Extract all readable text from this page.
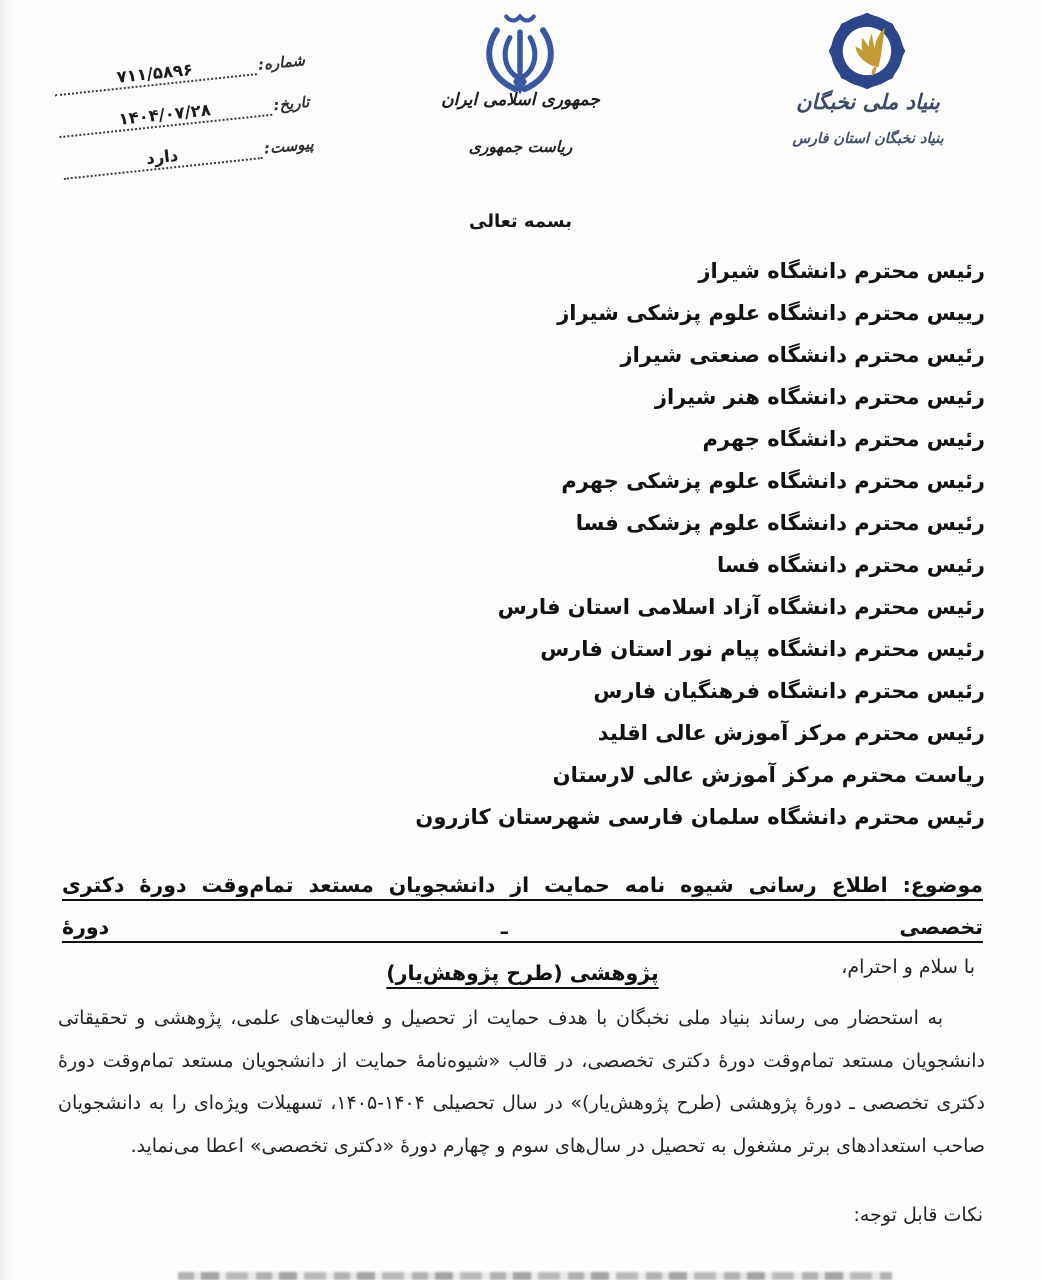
شماره:
۷۱۱/۵۸۹۶
تاریخ:
۱۴۰۴/۰۷/۲۸
پیوست:
دارد
جمهوری اسلامی ایران
ریاست جمهوری
بنیاد ملی نخبگان
بنیاد نخبگان استان فارس
بسمه تعالی
رئیس محترم دانشگاه شیراز
رییس محترم دانشگاه علوم پزشکی شیراز
رئیس محترم دانشگاه صنعتی شیراز
رئیس محترم دانشگاه هنر شیراز
رئیس محترم دانشگاه جهرم
رئیس محترم دانشگاه علوم پزشکی جهرم
رئیس محترم دانشگاه علوم پزشکی فسا
رئیس محترم دانشگاه فسا
رئیس محترم دانشگاه آزاد اسلامی استان فارس
رئیس محترم دانشگاه پیام نور استان فارس
رئیس محترم دانشگاه فرهنگیان فارس
رئیس محترم مرکز آموزش عالی اقلید
ریاست محترم مرکز آموزش عالی لارستان
رئیس محترم دانشگاه سلمان فارسی شهرستان کازرون
موضوع: اطلاع رسانی شیوه نامه حمایت از دانشجویان مستعد تمام‌وقت دورهٔ دکتری تخصصی ـ دورهٔ
پژوهشی (طرح پژوهش‌یار)	با سلام و احترام،
به استحضار می رساند بنیاد ملی نخبگان با هدف حمایت از تحصیل و فعالیت‌های علمی، پژوهشی و تحقیقاتی دانشجویان مستعد تمام‌وقت دورهٔ دکتری تخصصی، در قالب «شیوه‌نامهٔ حمایت از دانشجویان مستعد تمام‌وقت دورهٔ دکتری تخصصی ـ دورهٔ پژوهشی (طرح پژوهش‌یار)» در سال تحصیلی ۱۴۰۴-۱۴۰۵، تسهیلات ویژه‌ای را به دانشجویان صاحب استعدادهای برتر مشغول به تحصیل در سال‌های سوم و چهارم دورهٔ «دکتری تخصصی» اعطا می‌نماید.
نکات قابل توجه:
